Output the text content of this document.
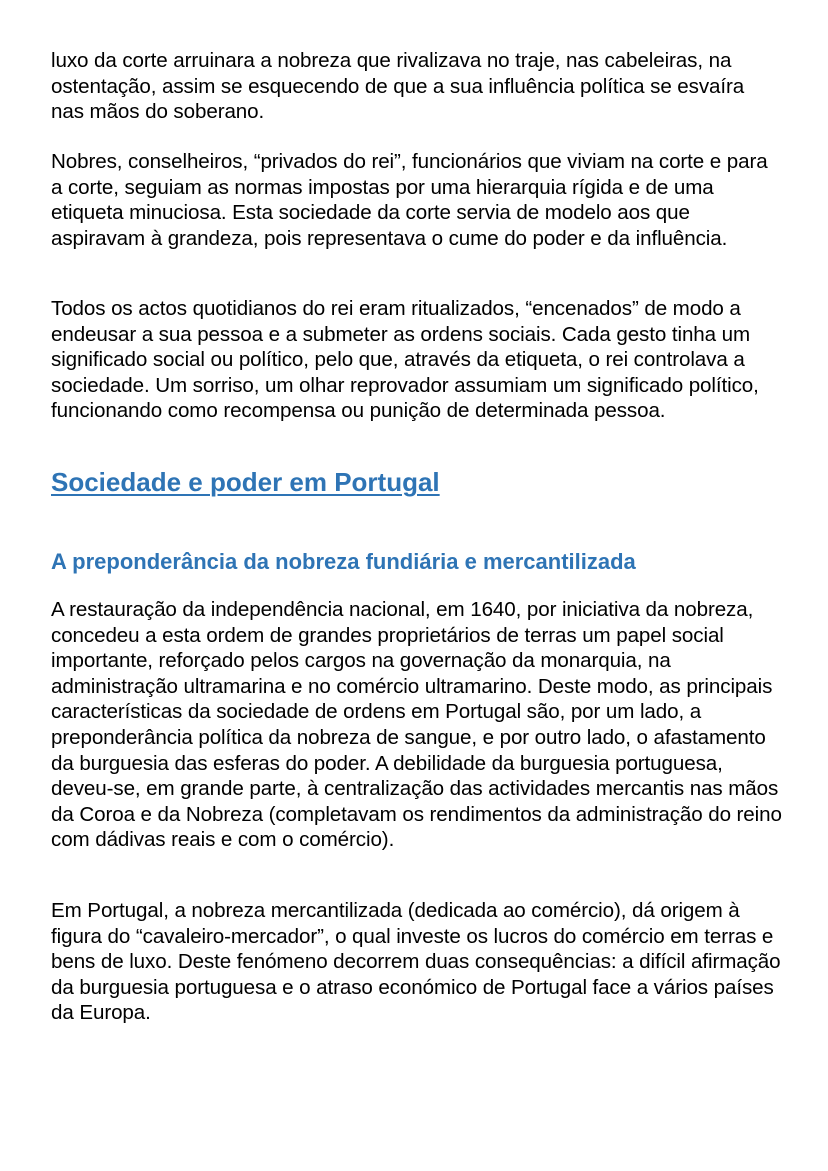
luxo da corte arruinara a nobreza que rivalizava no traje, nas cabeleiras, na ostentação, assim se esquecendo de que a sua influência política se esvaíra nas mãos do soberano.

Nobres, conselheiros, “privados do rei”, funcionários que viviam na corte e para a corte, seguiam as normas impostas por uma hierarquia rígida e de uma etiqueta minuciosa. Esta sociedade da corte servia de modelo aos que aspiravam à grandeza, pois representava o cume do poder e da influência.

Todos os actos quotidianos do rei eram ritualizados, “encenados” de modo a endeusar a sua pessoa e a submeter as ordens sociais. Cada gesto tinha um significado social ou político, pelo que, através da etiqueta, o rei controlava a sociedade. Um sorriso, um olhar reprovador assumiam um significado político, funcionando como recompensa ou punição de determinada pessoa.

Sociedade e poder em Portugal
A preponderância da nobreza fundiária e mercantilizada

A restauração da independência nacional, em 1640, por iniciativa da nobreza, concedeu a esta ordem de grandes proprietários de terras um papel social importante, reforçado pelos cargos na governação da monarquia, na administração ultramarina e no comércio ultramarino. Deste modo, as principais características da sociedade de ordens em Portugal são, por um lado, a preponderância política da nobreza de sangue, e por outro lado, o afastamento da burguesia das esferas do poder. A debilidade da burguesia portuguesa, deveu-se, em grande parte, à centralização das actividades mercantis nas mãos da Coroa e da Nobreza (completavam os rendimentos da administração do reino com dádivas reais e com o comércio).

Em Portugal, a nobreza mercantilizada (dedicada ao comércio), dá origem à figura do “cavaleiro-mercador”, o qual investe os lucros do comércio em terras e bens de luxo. Deste fenómeno decorrem duas consequências: a difícil afirmação da burguesia portuguesa e o atraso económico de Portugal face a vários países da Europa.
